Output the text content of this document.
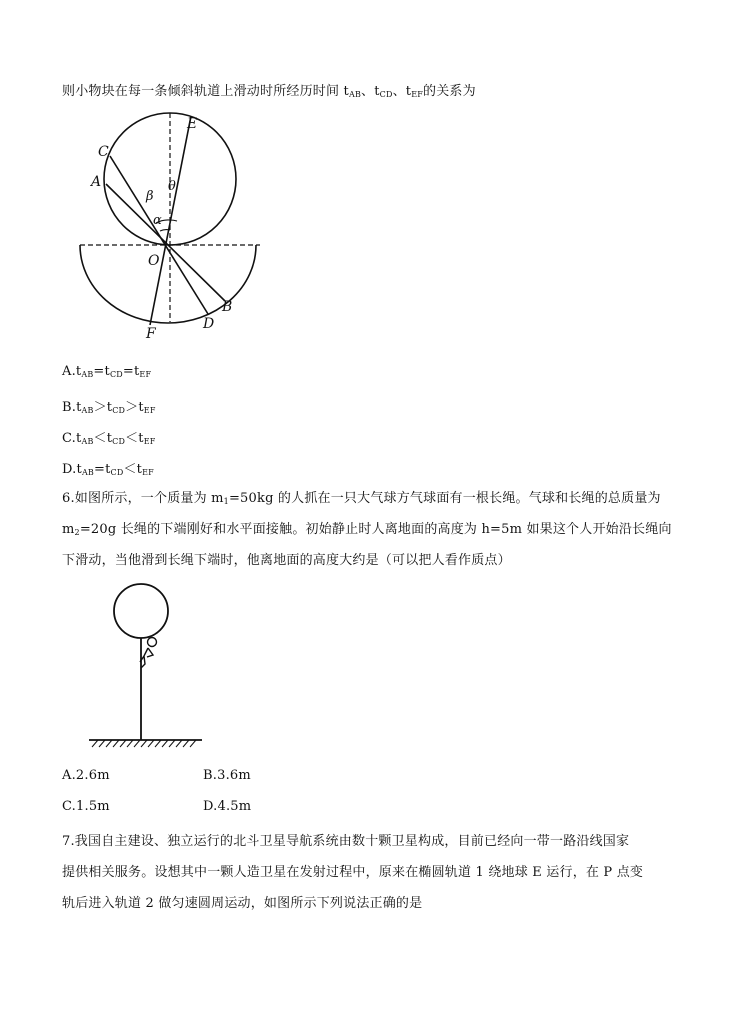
则小物块在每一条倾斜轨道上滑动时所经历时间 $t_{AB}$、$t_{CD}$、$t_{EF}$的关系为
E
C
A	θ
β
α
O
B
D
F
$A.t_{AB}=t_{CD}=t_{EF}$
$B.t_{AB}>t_{CD}>t_{EF}$
$C.t_{AB}<t_{CD}<t_{EF}$
$D.t_{AB}=t_{CD}<t_{EF}$
6.如图所示，一个质量为 $m_1=50kg$ 的人抓在一只大气球方气球面有一根长绳。气球和长绳的总质量为
$m_2=20g$ 长绳的下端刚好和水平面接触。初始静止时人离地面的高度为 h=5m 如果这个人开始沿长绳向
下滑动，当他滑到长绳下端时，他离地面的高度大约是（可以把人看作质点）
A.2.6m	B.3.6m
C.1.5m	D.4.5m
7.我国自主建设、独立运行的北斗卫星导航系统由数十颗卫星构成，目前已经向一带一路沿线国家
提供相关服务。设想其中一颗人造卫星在发射过程中，原来在椭圆轨道 1 绕地球 E 运行，在 P 点变
轨后进入轨道 2 做匀速圆周运动，如图所示下列说法正确的是
